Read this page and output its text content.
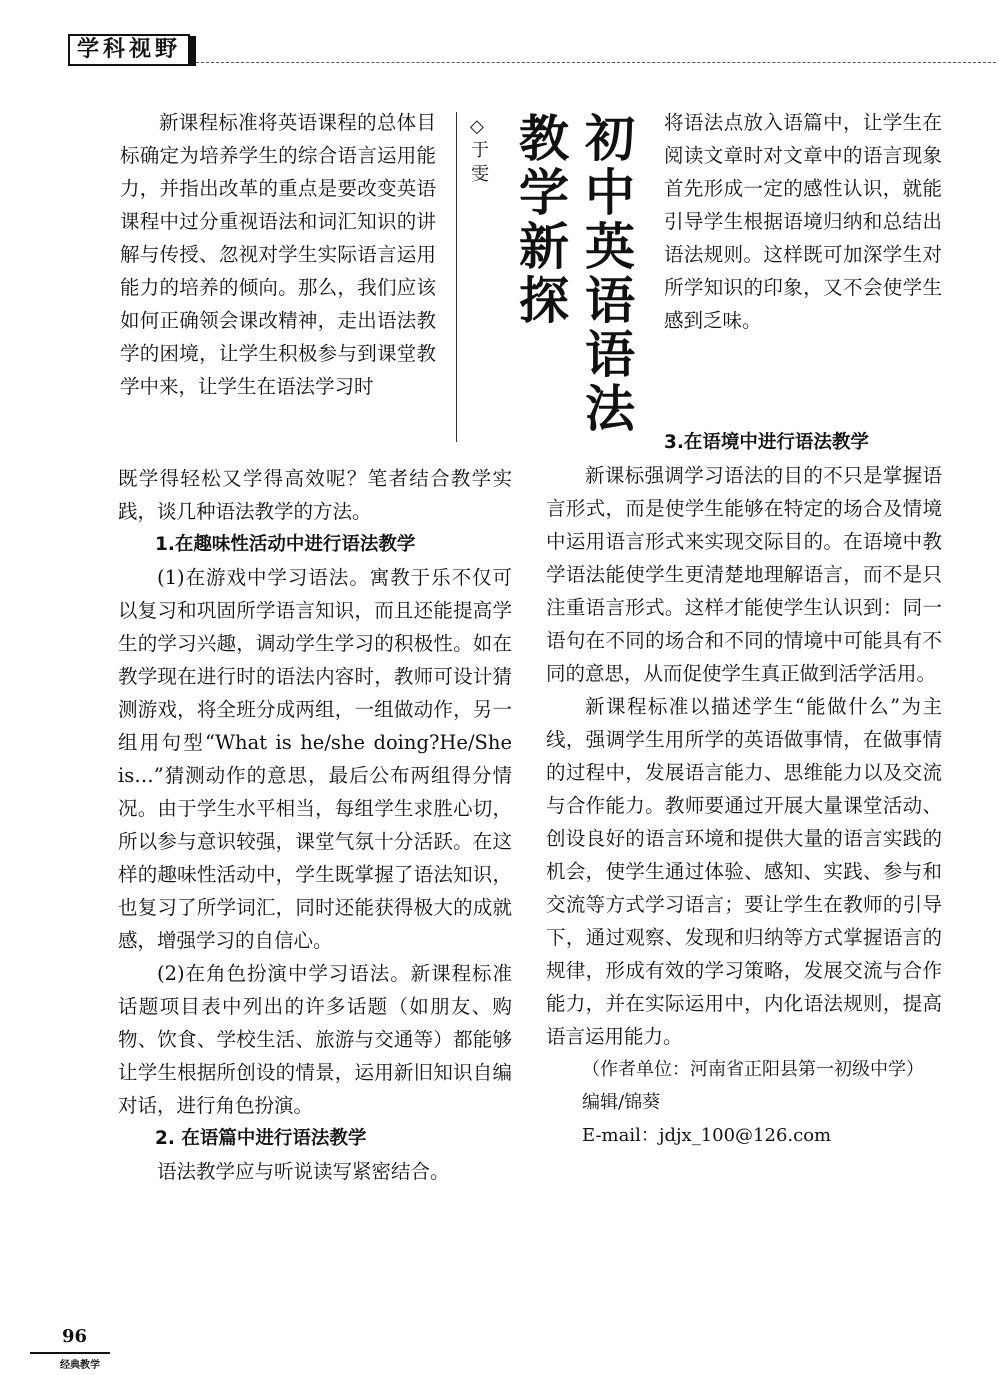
学科视野
初中英语语法
教学新探
◇
于雯

新课程标准将英语课程的总体目标确定为培养学生的综合语言运用能力，并指出改革的重点是要改变英语课程中过分重视语法和词汇知识的讲解与传授、忽视对学生实际语言运用能力的培养的倾向。那么，我们应该如何正确领会课改精神，走出语法教学的困境，让学生积极参与到课堂教学中来，让学生在语法学习时

既学得轻松又学得高效呢？笔者结合教学实践，谈几种语法教学的方法。

1.在趣味性活动中进行语法教学

(1)在游戏中学习语法。寓教于乐不仅可以复习和巩固所学语言知识，而且还能提高学生的学习兴趣，调动学生学习的积极性。如在教学现在进行时的语法内容时，教师可设计猜测游戏，将全班分成两组，一组做动作，另一组用句型“What is he/she doing?He/She is…”猜测动作的意思，最后公布两组得分情况。由于学生水平相当，每组学生求胜心切，所以参与意识较强，课堂气氛十分活跃。在这样的趣味性活动中，学生既掌握了语法知识，也复习了所学词汇，同时还能获得极大的成就感，增强学习的自信心。

(2)在角色扮演中学习语法。新课程标准话题项目表中列出的许多话题（如朋友、购物、饮食、学校生活、旅游与交通等）都能够让学生根据所创设的情景，运用新旧知识自编对话，进行角色扮演。

2. 在语篇中进行语法教学

语法教学应与听说读写紧密结合。

将语法点放入语篇中，让学生在阅读文章时对文章中的语言现象首先形成一定的感性认识，就能引导学生根据语境归纳和总结出语法规则。这样既可加深学生对所学知识的印象，又不会使学生感到乏味。

3.在语境中进行语法教学

新课标强调学习语法的目的不只是掌握语言形式，而是使学生能够在特定的场合及情境中运用语言形式来实现交际目的。在语境中教学语法能使学生更清楚地理解语言，而不是只注重语言形式。这样才能使学生认识到：同一语句在不同的场合和不同的情境中可能具有不同的意思，从而促使学生真正做到活学活用。

新课程标准以描述学生“能做什么”为主线，强调学生用所学的英语做事情，在做事情的过程中，发展语言能力、思维能力以及交流与合作能力。教师要通过开展大量课堂活动、创设良好的语言环境和提供大量的语言实践的机会，使学生通过体验、感知、实践、参与和交流等方式学习语言；要让学生在教师的引导下，通过观察、发现和归纳等方式掌握语言的规律，形成有效的学习策略，发展交流与合作能力，并在实际运用中，内化语法规则，提高语言运用能力。

（作者单位：河南省正阳县第一初级中学）

编辑/锦葵

E-mail：jdjx_100@126.com

96
经典教学
